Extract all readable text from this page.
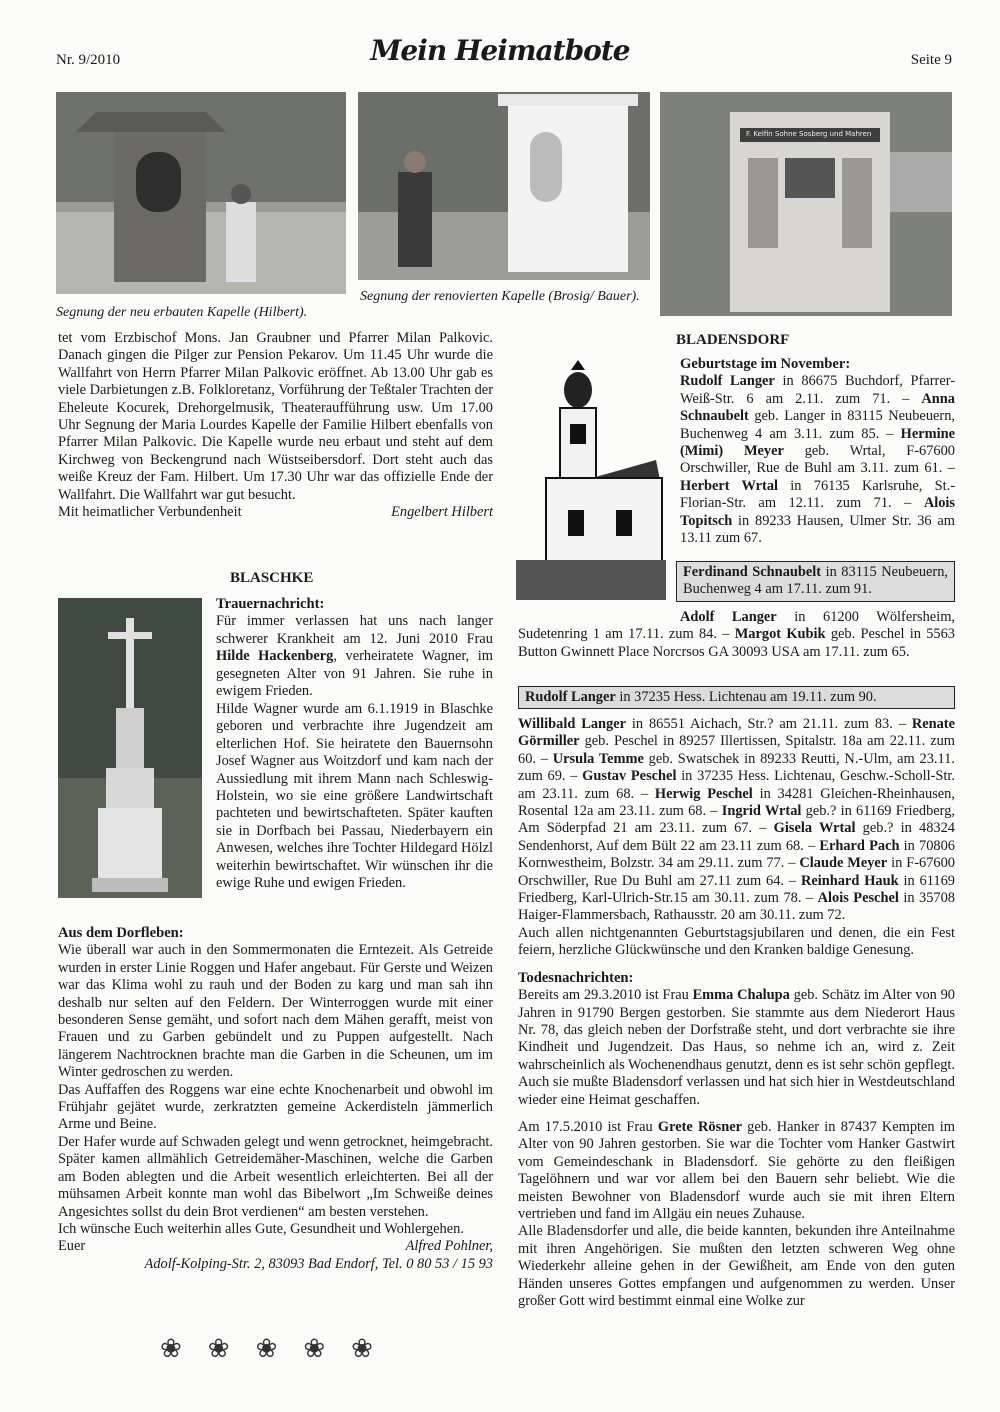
Nr. 9/2010	Mein Heimatbote	Seite 9
Segnung der neu erbauten Kapelle (Hilbert).
Segnung der renovierten Kapelle (Brosig/ Bauer).
F. Kelfin Sohne Sosberg und Mahren

tet vom Erzbischof Mons. Jan Graubner und Pfarrer Milan Palkovic. Danach gingen die Pilger zur Pension Pekarov. Um 11.45 Uhr wurde die Wallfahrt von Herrn Pfarrer Milan Palkovic eröffnet. Ab 13.00 Uhr gab es viele Darbietungen z.B. Folkloretanz, Vorführung der Teßtaler Trachten der Eheleute Kocurek, Drehorgelmusik, Theateraufführung usw. Um 17.00 Uhr Segnung der Maria Lourdes Kapelle der Familie Hilbert ebenfalls von Pfarrer Milan Palkovic. Die Kapelle wurde neu erbaut und steht auf dem Kirchweg von Beckengrund nach Wüstseibersdorf. Dort steht auch das weiße Kreuz der Fam. Hilbert. Um 17.30 Uhr war das offizielle Ende der Wallfahrt. Die Wallfahrt war gut besucht.

Mit heimatlicher Verbundenheit	Engelbert Hilbert
BLASCHKE

Trauernachricht:

Für immer verlassen hat uns nach langer schwerer Krankheit am 12. Juni 2010 Frau Hilde Hackenberg, verheiratete Wagner, im gesegneten Alter von 91 Jahren. Sie ruhe in ewigem Frieden.

Hilde Wagner wurde am 6.1.1919 in Blaschke geboren und verbrachte ihre Jugendzeit am elterlichen Hof. Sie heiratete den Bauernsohn Josef Wagner aus Woitzdorf und kam nach der Aussiedlung mit ihrem Mann nach Schleswig-Holstein, wo sie eine größere Landwirtschaft pachteten und bewirtschafteten. Später kauften sie in Dorfbach bei Passau, Niederbayern ein Anwesen, welches ihre Tochter Hildegard Hölzl weiterhin bewirtschaftet. Wir wünschen ihr die ewige Ruhe und ewigen Frieden.

Aus dem Dorfleben:

Wie überall war auch in den Sommermonaten die Erntezeit. Als Getreide wurden in erster Linie Roggen und Hafer angebaut. Für Gerste und Weizen war das Klima wohl zu rauh und der Boden zu karg und man sah ihn deshalb nur selten auf den Feldern. Der Winterroggen wurde mit einer besonderen Sense gemäht, und sofort nach dem Mähen gerafft, meist von Frauen und zu Garben gebündelt und zu Puppen aufgestellt. Nach längerem Nachtrocknen brachte man die Garben in die Scheunen, um im Winter gedroschen zu werden.

Das Auffaffen des Roggens war eine echte Knochenarbeit und obwohl im Frühjahr gejätet wurde, zerkratzten gemeine Ackerdisteln jämmerlich Arme und Beine.

Der Hafer wurde auf Schwaden gelegt und wenn getrocknet, heimgebracht. Später kamen allmählich Getreidemäher-Maschinen, welche die Garben am Boden ablegten und die Arbeit wesentlich erleichterten. Bei all der mühsamen Arbeit konnte man wohl das Bibelwort „Im Schweiße deines Angesichtes sollst du dein Brot verdienen“ am besten verstehen.

Ich wünsche Euch weiterhin alles Gute, Gesundheit und Wohlergehen.

Euer	Alfred Pohlner,

Adolf-Kolping-Str. 2, 83093 Bad Endorf, Tel. 0 80 53 / 15 93

❀❀❀❀❀
BLADENSDORF

Geburtstage im November:

Rudolf Langer in 86675 Buchdorf, Pfarrer-Weiß-Str. 6 am 2.11. zum 71. – Anna Schnaubelt geb. Langer in 83115 Neubeuern, Buchenweg 4 am 3.11. zum 85. – Hermine (Mimi) Meyer geb. Wrtal, F-67600 Orschwiller, Rue de Buhl am 3.11. zum 61. – Herbert Wrtal in 76135 Karlsruhe, St.-Florian-Str. am 12.11. zum 71. – Alois Topitsch in 89233 Hausen, Ulmer Str. 36 am 13.11 zum 67.

Ferdinand Schnaubelt in 83115 Neubeuern, Buchenweg 4 am 17.11. zum 91.

Adolf Langer in 61200 Wölfersheim, Sudetenring 1 am 17.11. zum 84. – Margot Kubik geb. Peschel in 5563 Button Gwinnett Place Norcrsos GA 30093 USA am 17.11. zum 65.

Rudolf Langer in 37235 Hess. Lichtenau am 19.11. zum 90.

Willibald Langer in 86551 Aichach, Str.? am 21.11. zum 83. – Renate Görmiller geb. Peschel in 89257 Illertissen, Spitalstr. 18a am 22.11. zum 60. – Ursula Temme geb. Swatschek in 89233 Reutti, N.-Ulm, am 23.11. zum 69. – Gustav Peschel in 37235 Hess. Lichtenau, Geschw.-Scholl-Str. am 23.11. zum 68. – Herwig Peschel in 34281 Gleichen-Rheinhausen, Rosental 12a am 23.11. zum 68. – Ingrid Wrtal geb.? in 61169 Friedberg, Am Söderpfad 21 am 23.11. zum 67. – Gisela Wrtal geb.? in 48324 Sendenhorst, Auf dem Bült 22 am 23.11 zum 68. – Erhard Pach in 70806 Kornwestheim, Bolzstr. 34 am 29.11. zum 77. – Claude Meyer in F-67600 Orschwiller, Rue Du Buhl am 27.11 zum 64. – Reinhard Hauk in 61169 Friedberg, Karl-Ulrich-Str.15 am 30.11. zum 78. – Alois Peschel in 35708 Haiger-Flammersbach, Rathausstr. 20 am 30.11. zum 72.

Auch allen nichtgenannten Geburtstagsjubilaren und denen, die ein Fest feiern, herzliche Glückwünsche und den Kranken baldige Genesung.

Todesnachrichten:

Bereits am 29.3.2010 ist Frau Emma Chalupa geb. Schätz im Alter von 90 Jahren in 91790 Bergen gestorben. Sie stammte aus dem Niederort Haus Nr. 78, das gleich neben der Dorfstraße steht, und dort verbrachte sie ihre Kindheit und Jugendzeit. Das Haus, so nehme ich an, wird z. Zeit wahrscheinlich als Wochenendhaus genutzt, denn es ist sehr schön gepflegt. Auch sie mußte Bladensdorf verlassen und hat sich hier in Westdeutschland wieder eine Heimat geschaffen.

Am 17.5.2010 ist Frau Grete Rösner geb. Hanker in 87437 Kempten im Alter von 90 Jahren gestorben. Sie war die Tochter vom Hanker Gastwirt vom Gemeindeschank in Bladensdorf. Sie gehörte zu den fleißigen Tagelöhnern und war vor allem bei den Bauern sehr beliebt. Wie die meisten Bewohner von Bladensdorf wurde auch sie mit ihren Eltern vertrieben und fand im Allgäu ein neues Zuhause.

Alle Bladensdorfer und alle, die beide kannten, bekunden ihre Anteilnahme mit ihren Angehörigen. Sie mußten den letzten schweren Weg ohne Wiederkehr alleine gehen in der Gewißheit, am Ende von den guten Händen unseres Gottes empfangen und aufgenommen zu werden. Unser großer Gott wird bestimmt einmal eine Wolke zur
